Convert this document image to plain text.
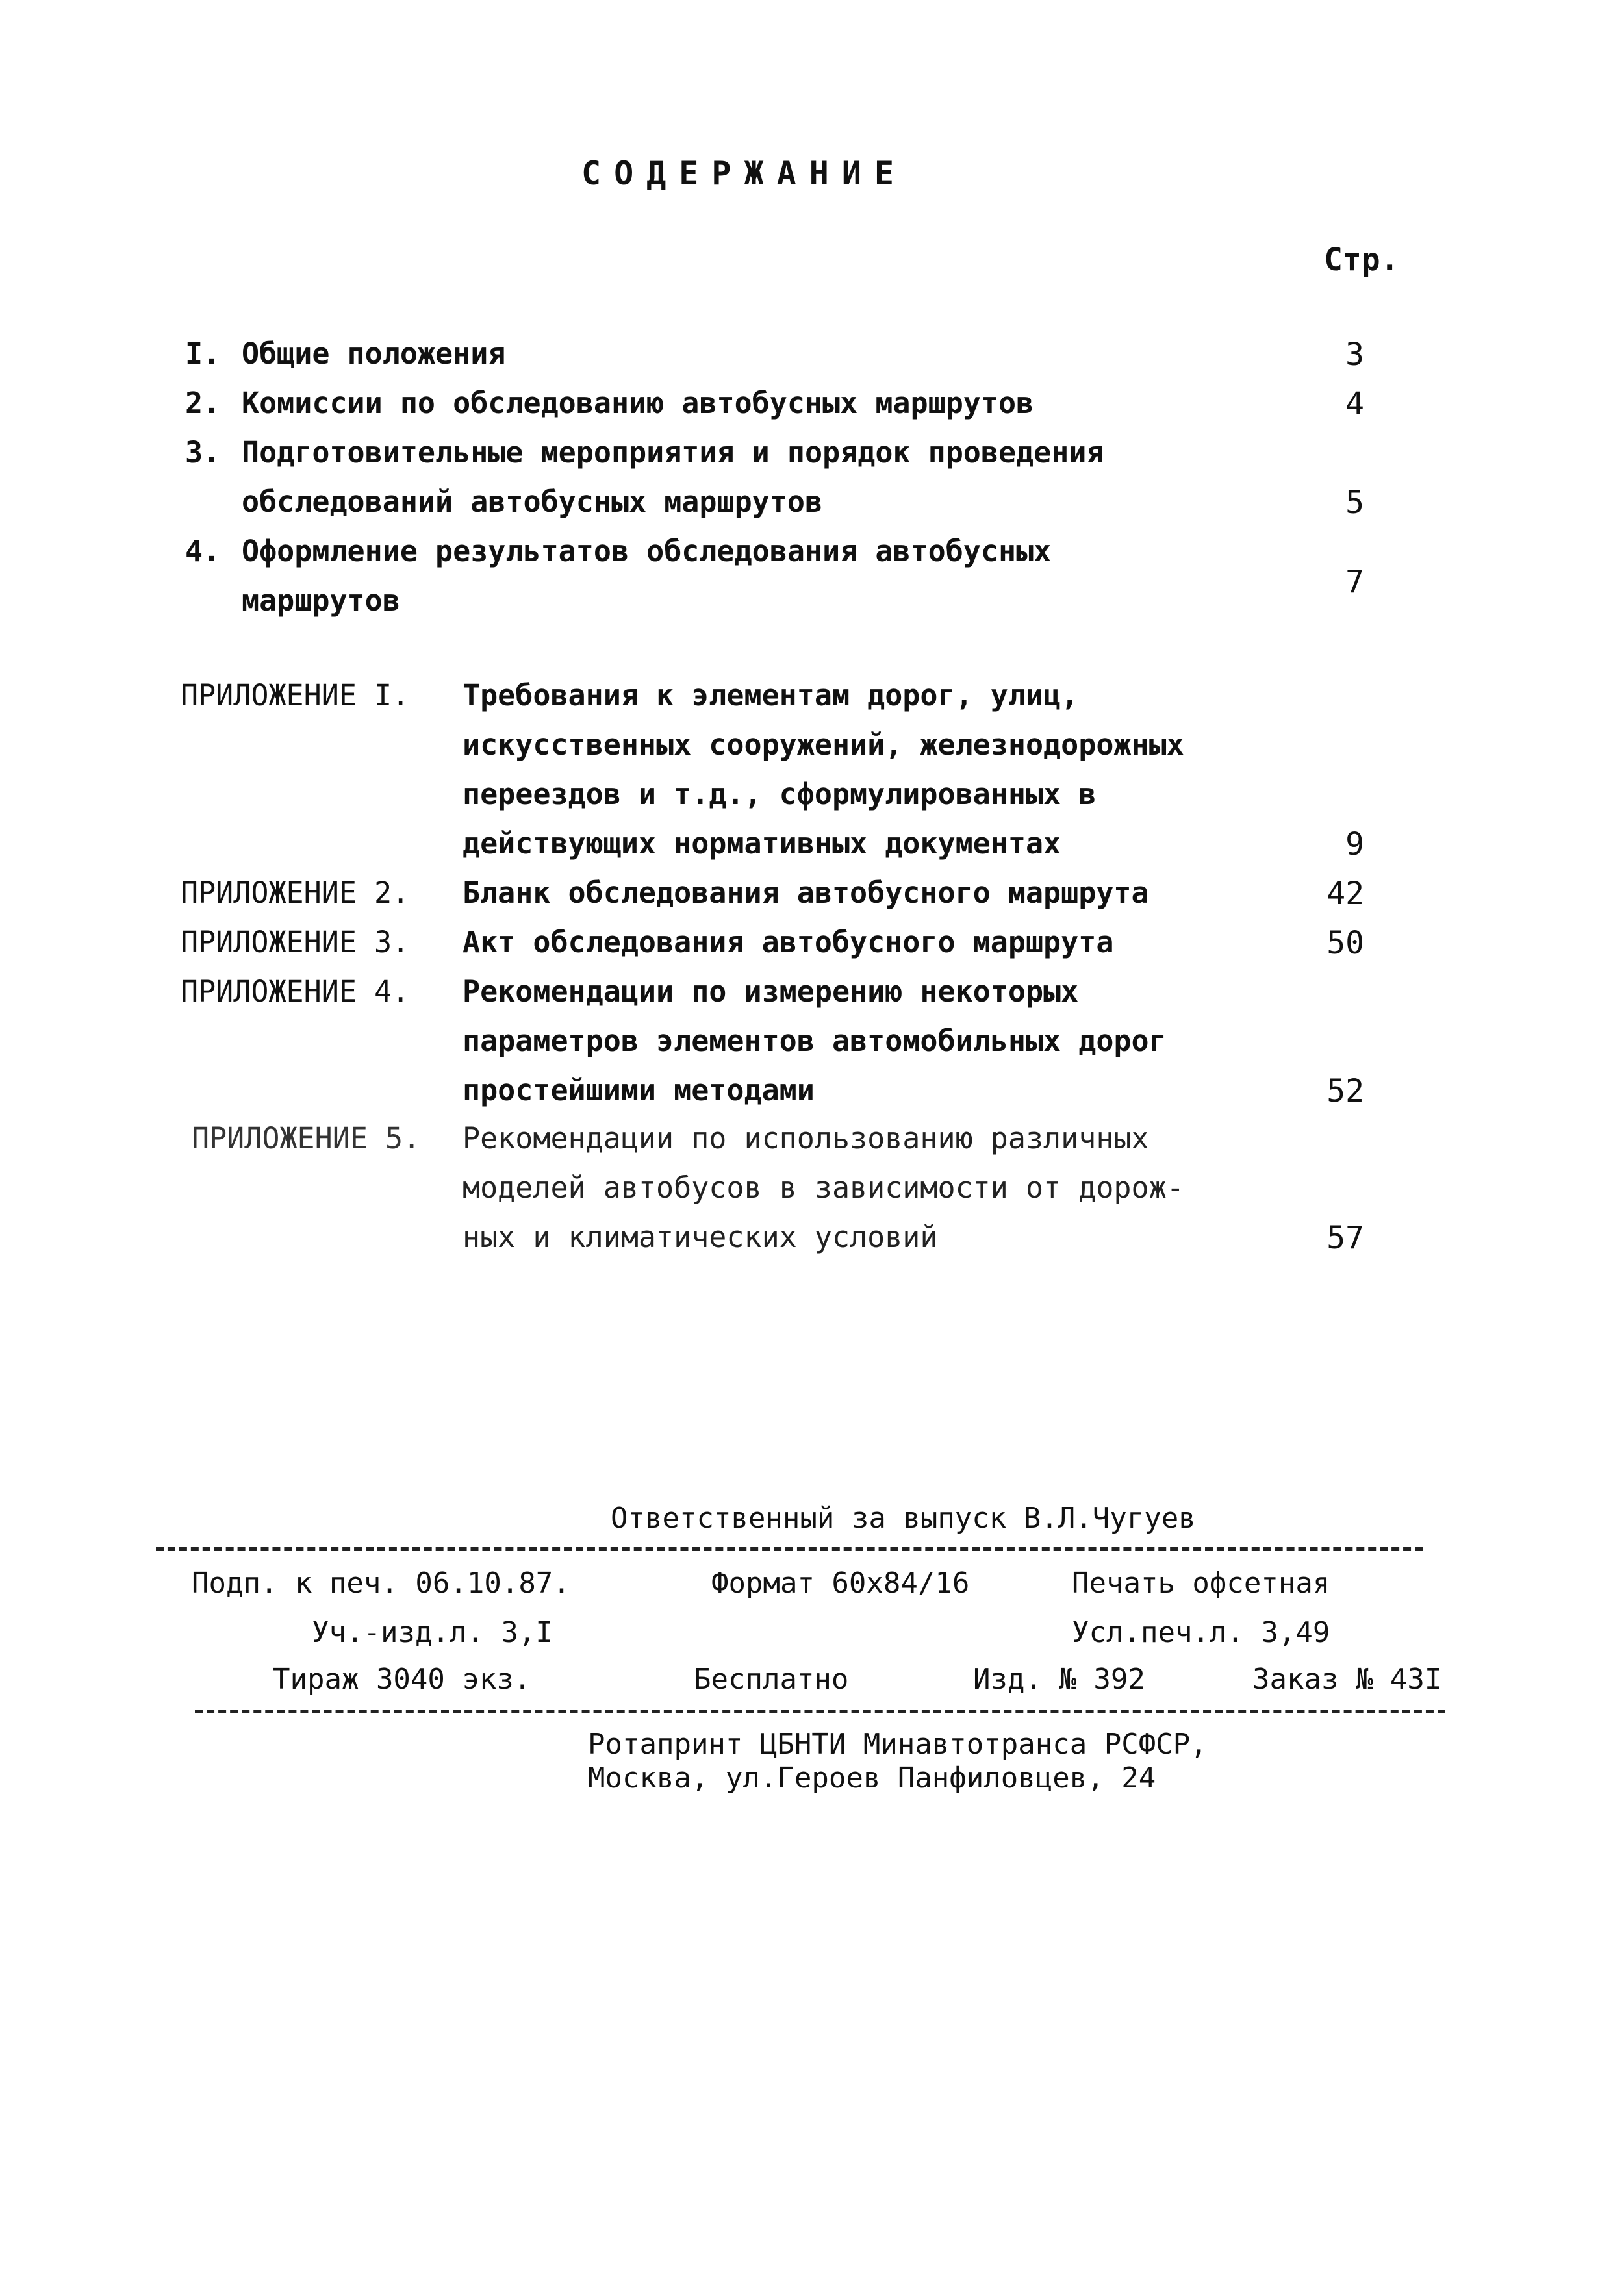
СОДЕРЖАНИЕ
Стр.
I. Общие положения	3
2. Комиссии по обследованию автобусных маршрутов	4
3. Подготовительные мероприятия и порядок проведения
обследований автобусных маршрутов	5
4. Оформление результатов обследования автобусных
маршрутов
7
ПРИЛОЖЕНИЕ I. Требования к элементам дорог, улиц,
искусственных сооружений, железнодорожных
переездов и т.д., сформулированных в
действующих нормативных документах	9
ПРИЛОЖЕНИЕ 2. Бланк обследования автобусного маршрута	42
ПРИЛОЖЕНИЕ 3. Акт обследования автобусного маршрута	50
ПРИЛОЖЕНИЕ 4. Рекомендации по измерению некоторых
параметров элементов автомобильных дорог
простейшими методами	52
ПРИЛОЖЕНИЕ 5. Рекомендации по использованию различных
моделей автобусов в зависимости от дорож-
ных и климатических условий	57
Ответственный за выпуск В.Л.Чугуев
Подп. к печ. 06.10.87.	Формат 60х84/16	Печать офсетная
Уч.-изд.л. 3,I	Усл.печ.л. 3,49
Тираж 3040 экз.	Бесплатно	Изд. № 392	Заказ № 43I
Ротапринт ЦБНТИ Минавтотранса РСФСР,
Москва, ул.Героев Панфиловцев, 24
